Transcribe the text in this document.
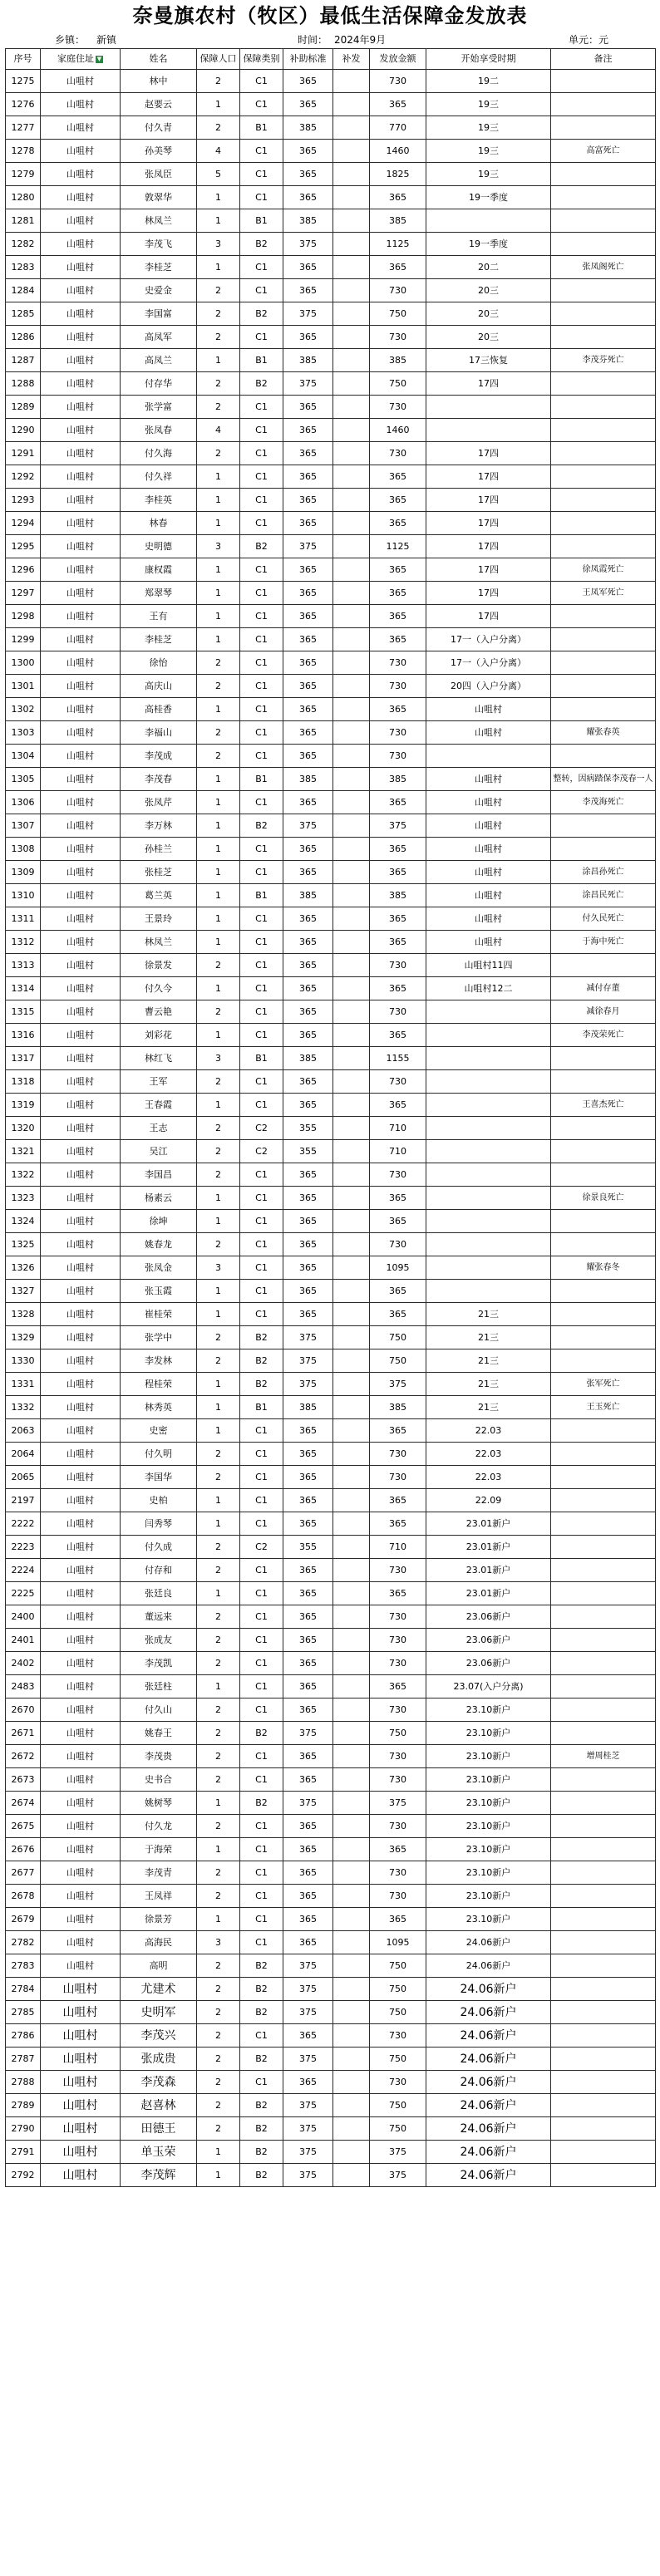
奈曼旗农村（牧区）最低生活保障金发放表
乡镇： 新镇	时间： 2024年9月	单元：元
序号	家庭住址 ▼	姓名	保障人口	保障类别	补助标准	补发	发放金额	开始享受时期	备注
1275	山咀村	林中	2	C1	365		730	19二	
1276	山咀村	赵要云	1	C1	365		365	19三	
1277	山咀村	付久青	2	B1	385		770	19三	
1278	山咀村	孙美琴	4	C1	365		1460	19三	高富死亡
1279	山咀村	张凤臣	5	C1	365		1825	19三	
1280	山咀村	敦翠华	1	C1	365		365	19一季度	
1281	山咀村	林凤兰	1	B1	385		385		
1282	山咀村	李茂飞	3	B2	375		1125	19一季度	
1283	山咀村	李桂芝	1	C1	365		365	20二	张凤阁死亡
1284	山咀村	史爱金	2	C1	365		730	20三	
1285	山咀村	李国富	2	B2	375		750	20三	
1286	山咀村	高凤军	2	C1	365		730	20三	
1287	山咀村	高凤兰	1	B1	385		385	17三恢复	李茂芬死亡
1288	山咀村	付存华	2	B2	375		750	17四	
1289	山咀村	张学富	2	C1	365		730		
1290	山咀村	张凤春	4	C1	365		1460		
1291	山咀村	付久海	2	C1	365		730	17四	
1292	山咀村	付久祥	1	C1	365		365	17四	
1293	山咀村	李桂英	1	C1	365		365	17四	
1294	山咀村	林春	1	C1	365		365	17四	
1295	山咀村	史明德	3	B2	375		1125	17四	
1296	山咀村	康权霞	1	C1	365		365	17四	徐凤霞死亡
1297	山咀村	郑翠琴	1	C1	365		365	17四	王凤军死亡
1298	山咀村	王有	1	C1	365		365	17四	
1299	山咀村	李桂芝	1	C1	365		365	17一（入户分离）	
1300	山咀村	徐怡	2	C1	365		730	17一（入户分离）	
1301	山咀村	高庆山	2	C1	365		730	20四（入户分离）	
1302	山咀村	高桂香	1	C1	365		365	山咀村	
1303	山咀村	李福山	2	C1	365		730	山咀村	耀张春英
1304	山咀村	李茂成	2	C1	365		730		
1305	山咀村	李茂春	1	B1	385		385	山咀村	整转，因病踏保李茂春一人
1306	山咀村	张凤芹	1	C1	365		365	山咀村	李茂海死亡
1307	山咀村	李万林	1	B2	375		375	山咀村	
1308	山咀村	孙桂兰	1	C1	365		365	山咀村	
1309	山咀村	张桂芝	1	C1	365		365	山咀村	涂昌孙死亡
1310	山咀村	葛兰英	1	B1	385		385	山咀村	涂昌民死亡
1311	山咀村	王景玲	1	C1	365		365	山咀村	付久民死亡
1312	山咀村	林凤兰	1	C1	365		365	山咀村	于海中死亡
1313	山咀村	徐景发	2	C1	365		730	山咀村11四	
1314	山咀村	付久今	1	C1	365		365	山咀村12二	减付存董
1315	山咀村	曹云艳	2	C1	365		730		减徐春月
1316	山咀村	刘彩花	1	C1	365		365		李茂荣死亡
1317	山咀村	林红飞	3	B1	385		1155		
1318	山咀村	王军	2	C1	365		730		
1319	山咀村	王春霞	1	C1	365		365		王喜杰死亡
1320	山咀村	王志	2	C2	355		710		
1321	山咀村	吴江	2	C2	355		710		
1322	山咀村	李国昌	2	C1	365		730		
1323	山咀村	杨素云	1	C1	365		365		徐景良死亡
1324	山咀村	徐坤	1	C1	365		365		
1325	山咀村	姚春龙	2	C1	365		730		
1326	山咀村	张凤金	3	C1	365		1095		耀张春冬
1327	山咀村	张玉霞	1	C1	365		365		
1328	山咀村	崔桂荣	1	C1	365		365	21三	
1329	山咀村	张学中	2	B2	375		750	21三	
1330	山咀村	李发林	2	B2	375		750	21三	
1331	山咀村	程桂荣	1	B2	375		375	21三	张军死亡
1332	山咀村	林秀英	1	B1	385		385	21三	王玉死亡
2063	山咀村	史密	1	C1	365		365	22.03	
2064	山咀村	付久明	2	C1	365		730	22.03	
2065	山咀村	李国华	2	C1	365		730	22.03	
2197	山咀村	史柏	1	C1	365		365	22.09	
2222	山咀村	闫秀琴	1	C1	365		365	23.01新户	
2223	山咀村	付久成	2	C2	355		710	23.01新户	
2224	山咀村	付存和	2	C1	365		730	23.01新户	
2225	山咀村	张廷良	1	C1	365		365	23.01新户	
2400	山咀村	董远来	2	C1	365		730	23.06新户	
2401	山咀村	张成友	2	C1	365		730	23.06新户	
2402	山咀村	李茂凯	2	C1	365		730	23.06新户	
2483	山咀村	张廷柱	1	C1	365		365	23.07(入户分离)	
2670	山咀村	付久山	2	C1	365		730	23.10新户	
2671	山咀村	姚春王	2	B2	375		750	23.10新户	
2672	山咀村	李茂贵	2	C1	365		730	23.10新户	增周桂芝
2673	山咀村	史书合	2	C1	365		730	23.10新户	
2674	山咀村	姚树琴	1	B2	375		375	23.10新户	
2675	山咀村	付久龙	2	C1	365		730	23.10新户	
2676	山咀村	于海荣	1	C1	365		365	23.10新户	
2677	山咀村	李茂青	2	C1	365		730	23.10新户	
2678	山咀村	王凤祥	2	C1	365		730	23.10新户	
2679	山咀村	徐景芳	1	C1	365		365	23.10新户	
2782	山咀村	高海民	3	C1	365		1095	24.06新户	
2783	山咀村	高明	2	B2	375		750	24.06新户	
2784	山咀村	尤建术	2	B2	375		750	24.06新户	
2785	山咀村	史明军	2	B2	375		750	24.06新户	
2786	山咀村	李茂兴	2	C1	365		730	24.06新户	
2787	山咀村	张成贵	2	B2	375		750	24.06新户	
2788	山咀村	李茂森	2	C1	365		730	24.06新户	
2789	山咀村	赵喜林	2	B2	375		750	24.06新户	
2790	山咀村	田德王	2	B2	375		750	24.06新户	
2791	山咀村	单玉荣	1	B2	375		375	24.06新户	
2792	山咀村	李茂辉	1	B2	375		375	24.06新户	
